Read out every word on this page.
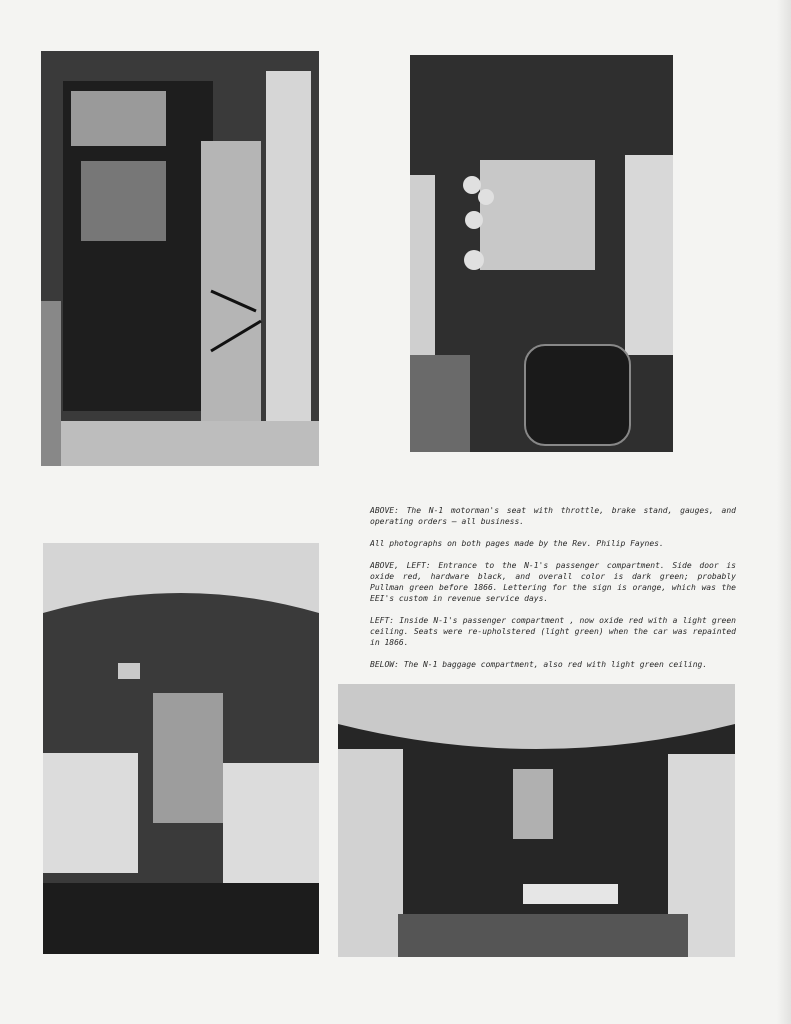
ABOVE: The N-1 motorman's seat with throttle, brake stand, gauges, and operating orders — all business.

All photographs on both pages made by the Rev. Philip Faynes.

ABOVE, LEFT: Entrance to the N-1's passenger compartment. Side door is oxide red, hardware black, and overall color is dark green; probably Pullman green before 1866. Lettering for the sign is orange, which was the EEI's custom in revenue service days.

LEFT: Inside N-1's passenger compartment , now oxide red with a light green ceiling. Seats were re-upholstered (light green) when the car was repainted in 1866.

BELOW: The N-1 baggage compartment, also red with light green ceiling.
